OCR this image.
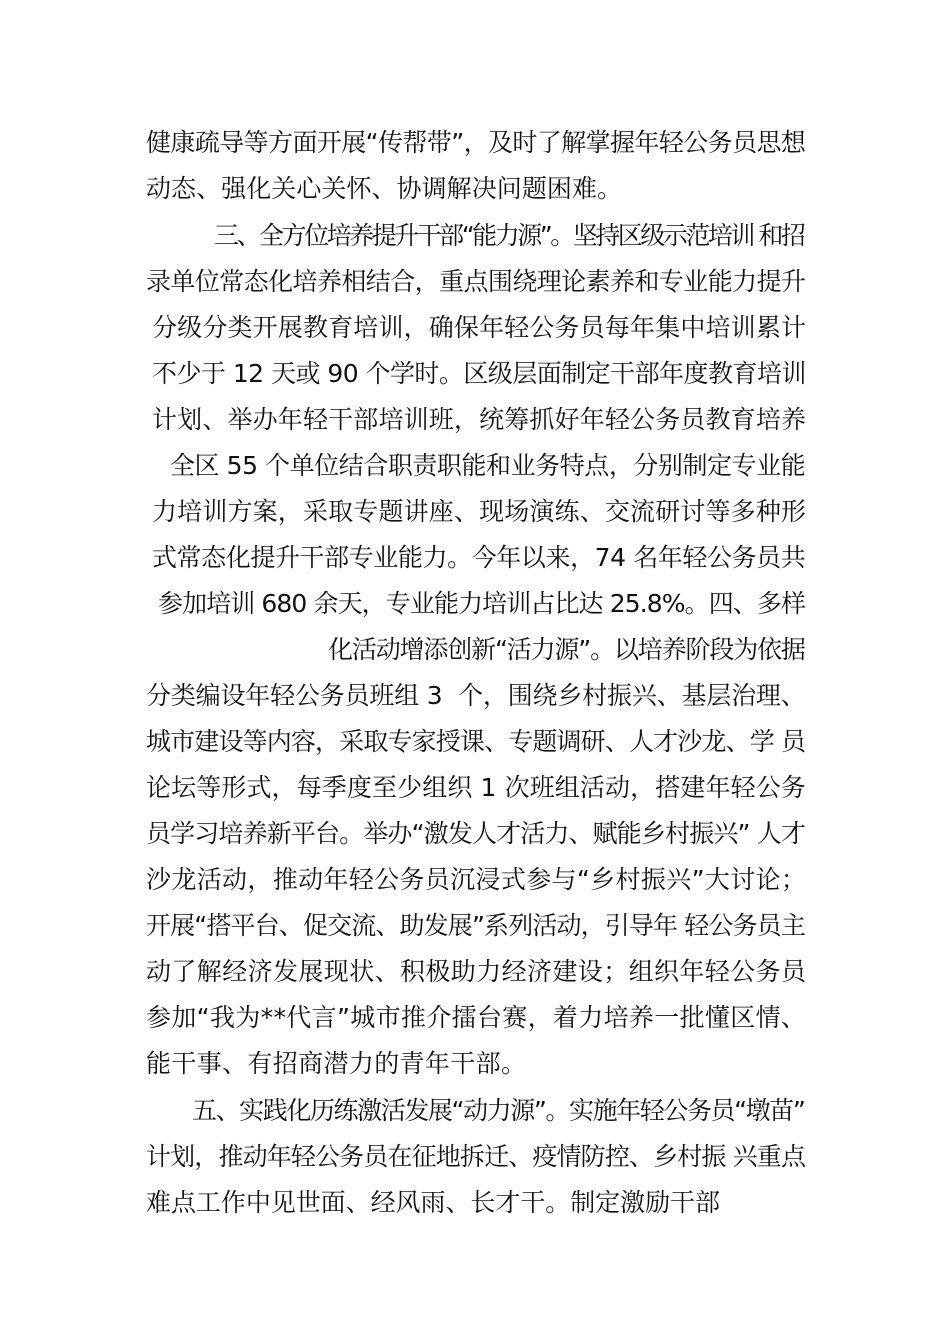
健康疏导等方面开展“传帮带”，及时了解掌握年轻公务员思想
动态、强化关心关怀、协调解决问题困难。
三、全方位培养提升干部“能力源”。坚持区级示范培训 和招
录单位常态化培养相结合，重点围绕理论素养和专业能力提升
分级分类开展教育培训，确保年轻公务员每年集中培训累计
不少于 12 天或 90 个学时。区级层面制定干部年度教育培训
计划、举办年轻干部培训班，统筹抓好年轻公务员教育培养
全区 55 个单位结合职责职能和业务特点，分别制定专业能
力培训方案，采取专题讲座、现场演练、交流研讨等多种形
式常态化提升干部专业能力。今年以来，74 名年轻公务员共
参加培训 680 余天，专业能力培训占比达 25.8%。四、多样
化活动增添创新“活力源”。以培养阶段为依据
分类编设年轻公务员班组 3  个，围绕乡村振兴、基层治理、
城市建设等内容，采取专家授课、专题调研、人才沙龙、学 员
论坛等形式，每季度至少组织 1 次班组活动，搭建年轻公务
员学习培养新平台。举办“激发人才活力、赋能乡村振兴” 人才
沙龙活动，推动年轻公务员沉浸式参与“乡村振兴”大讨论；
开展“搭平台、促交流、助发展”系列活动，引导年 轻公务员主
动了解经济发展现状、积极助力经济建设；组织年轻公务员
参加“我为**代言”城市推介擂台赛，着力培养一批懂区情、
能干事、有招商潜力的青年干部。
五、实践化历练激活发展“动力源”。实施年轻公务员“墩苗”
计划，推动年轻公务员在征地拆迁、疫情防控、乡村振 兴重点
难点工作中见世面、经风雨、长才干。制定激励干部
